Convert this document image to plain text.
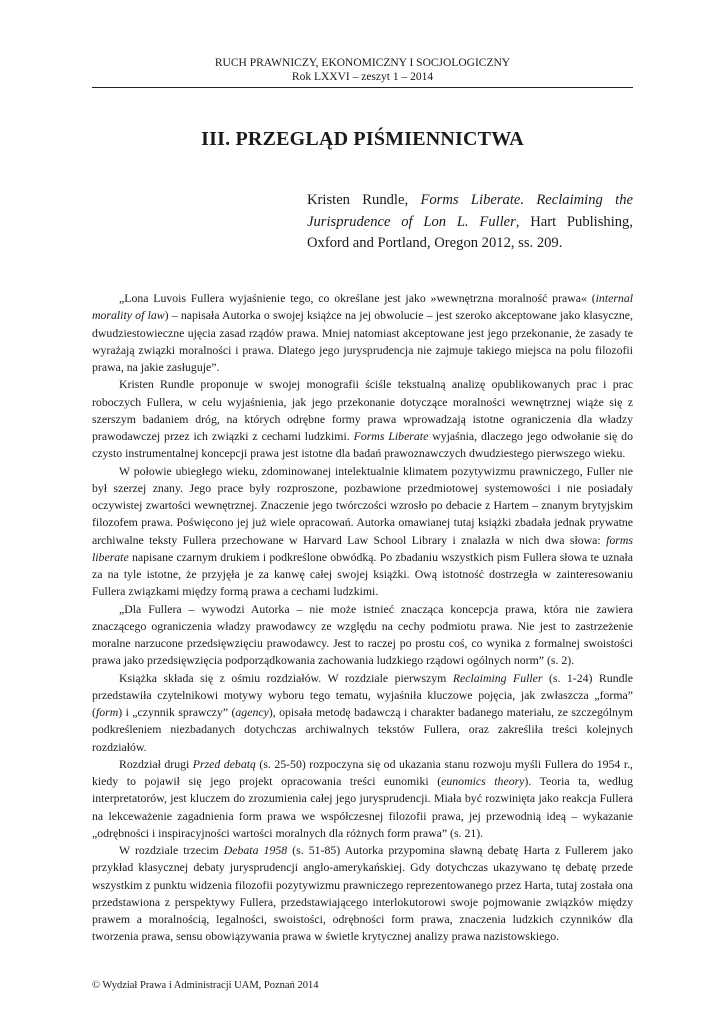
RUCH PRAWNICZY, EKONOMICZNY I SOCJOLOGICZNY
Rok LXXVI – zeszyt 1 – 2014
III. PRZEGLĄD PIŚMIENNICTWA
Kristen Rundle, Forms Liberate. Reclaiming the Jurisprudence of Lon L. Fuller, Hart Publishing, Oxford and Portland, Oregon 2012, ss. 209.

„Lona Luvois Fullera wyjaśnienie tego, co określane jest jako »wewnętrzna moralność prawa« (internal morality of law) – napisała Autorka o swojej książce na jej obwolucie – jest szeroko akceptowane jako klasyczne, dwudziestowieczne ujęcia zasad rządów prawa. Mniej natomiast akceptowane jest jego przekonanie, że zasady te wyrażają związki moralności i prawa. Dlatego jego jurysprudencja nie zajmuje takiego miejsca na polu filozofii prawa, na jakie zasługuje”.

Kristen Rundle proponuje w swojej monografii ściśle tekstualną analizę opublikowanych prac i prac roboczych Fullera, w celu wyjaśnienia, jak jego przekonanie dotyczące moralności wewnętrznej wiąże się z szerszym badaniem dróg, na których odrębne formy prawa wprowadzają istotne ograniczenia dla władzy prawodawczej przez ich związki z cechami ludzkimi. Forms Liberate wyjaśnia, dlaczego jego odwołanie się do czysto instrumentalnej koncepcji prawa jest istotne dla badań prawoznawczych dwudziestego pierwszego wieku.

W połowie ubiegłego wieku, zdominowanej intelektualnie klimatem pozytywizmu prawniczego, Fuller nie był szerzej znany. Jego prace były rozproszone, pozbawione przedmiotowej systemowości i nie posiadały oczywistej zwartości wewnętrznej. Znaczenie jego twórczości wzrosło po debacie z Hartem – znanym brytyjskim filozofem prawa. Poświęcono jej już wiele opracowań. Autorka omawianej tutaj książki zbadała jednak prywatne archiwalne teksty Fullera przechowane w Harvard Law School Library i znalazła w nich dwa słowa: forms liberate napisane czarnym drukiem i podkreślone obwódką. Po zbadaniu wszystkich pism Fullera słowa te uznała za na tyle istotne, że przyjęła je za kanwę całej swojej książki. Ową istotność dostrzegła w zainteresowaniu Fullera związkami między formą prawa a cechami ludzkimi.

„Dla Fullera – wywodzi Autorka – nie może istnieć znacząca koncepcja prawa, która nie zawiera znaczącego ograniczenia władzy prawodawcy ze względu na cechy podmiotu prawa. Nie jest to zastrzeżenie moralne narzucone przedsięwzięciu prawodawcy. Jest to raczej po prostu coś, co wynika z formalnej swoistości prawa jako przedsięwzięcia podporządkowania zachowania ludzkiego rządowi ogólnych norm” (s. 2).

Książka składa się z ośmiu rozdziałów. W rozdziale pierwszym Reclaiming Fuller (s. 1-24) Rundle przedstawiła czytelnikowi motywy wyboru tego tematu, wyjaśniła kluczowe pojęcia, jak zwłaszcza „forma” (form) i „czynnik sprawczy” (agency), opisała metodę badawczą i charakter badanego materiału, ze szczególnym podkreśleniem niezbadanych dotychczas archiwalnych tekstów Fullera, oraz zakreśliła treści kolejnych rozdziałów.

Rozdział drugi Przed debatą (s. 25-50) rozpoczyna się od ukazania stanu rozwoju myśli Fullera do 1954 r., kiedy to pojawił się jego projekt opracowania treści eunomiki (eunomics theory). Teoria ta, według interpretatorów, jest kluczem do zrozumienia całej jego jurysprudencji. Miała być rozwinięta jako reakcja Fullera na lekceważenie zagadnienia form prawa we współczesnej filozofii prawa, jej przewodnią ideą – wykazanie „odrębności i inspiracyjności wartości moralnych dla różnych form prawa” (s. 21).

W rozdziale trzecim Debata 1958 (s. 51-85) Autorka przypomina sławną debatę Harta z Fullerem jako przykład klasycznej debaty jurysprudencji anglo-amerykańskiej. Gdy dotychczas ukazywano tę debatę przede wszystkim z punktu widzenia filozofii pozytywizmu prawniczego reprezentowanego przez Harta, tutaj została ona przedstawiona z perspektywy Fullera, przedstawiającego interlokutorowi swoje pojmowanie związków między prawem a moralnością, legalności, swoistości, odrębności form prawa, znaczenia ludzkich czynników dla tworzenia prawa, sensu obowiązywania prawa w świetle krytycznej analizy prawa nazistowskiego.

© Wydział Prawa i Administracji UAM, Poznań 2014
